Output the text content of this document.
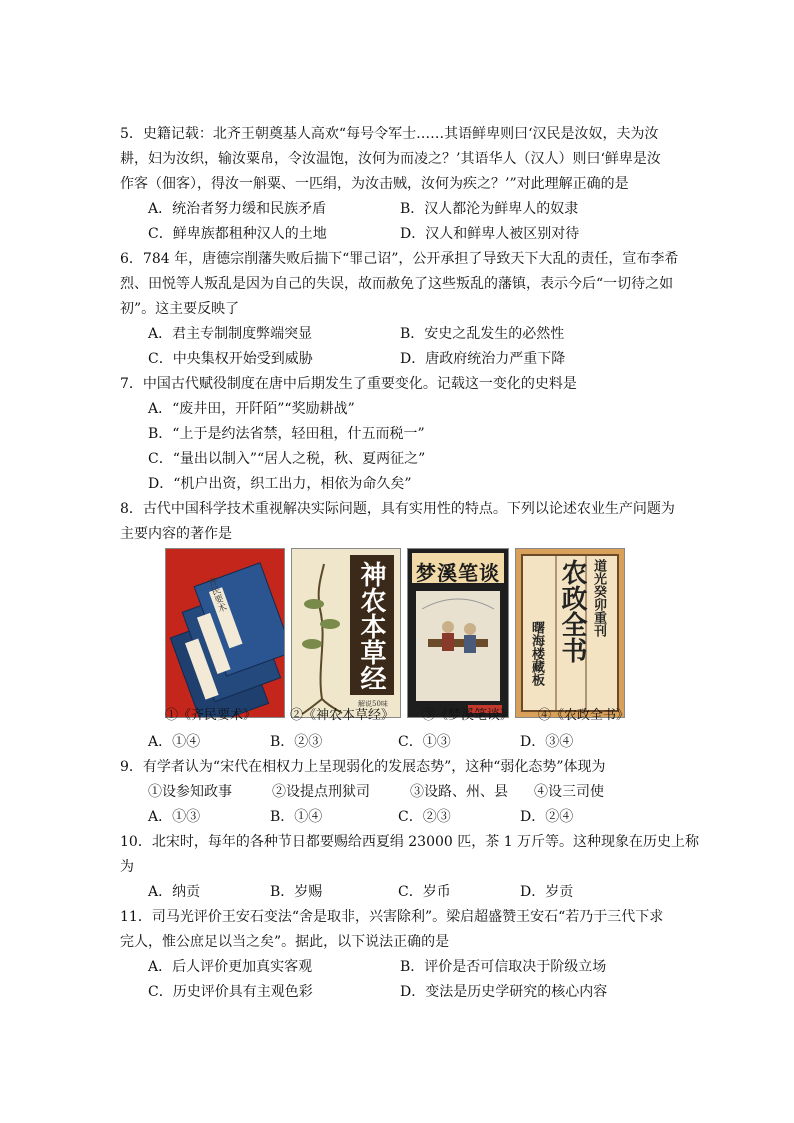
5．史籍记载：北齐王朝奠基人高欢“每号令军士……其语鲜卑则曰‘汉民是汝奴，夫为汝
耕，妇为汝织，输汝粟帛，令汝温饱，汝何为而凌之？’其语华人（汉人）则曰‘鲜卑是汝
作客（佃客），得汝一斛粟、一匹绢，为汝击贼，汝何为疾之？’”对此理解正确的是
A．统治者努力缓和民族矛盾	B．汉人都沦为鲜卑人的奴隶
C．鲜卑族都租种汉人的土地	D．汉人和鲜卑人被区别对待
6．784 年，唐德宗削藩失败后揣下“罪己诏”，公开承担了导致天下大乱的责任，宣布李希
烈、田悦等人叛乱是因为自己的失误，故而赦免了这些叛乱的藩镇，表示今后“一切待之如
初”。这主要反映了
A．君主专制制度弊端突显	B．安史之乱发生的必然性
C．中央集权开始受到威胁	D．唐政府统治力严重下降
7．中国古代赋役制度在唐中后期发生了重要变化。记载这一变化的史料是
A．“废井田，开阡陌”“奖励耕战”
B．“上于是约法省禁，轻田租，什五而税一”
C．“量出以制入”“居人之税，秋、夏两征之”
D．“机户出资，织工出力，相依为命久矣”
8．古代中国科学技术重视解决实际问题，具有实用性的特点。下列以论述农业生产问题为
主要内容的著作是
齐民要术	神农本草经
解说50味
梦溪笔谈 农政全书 道光癸卯重刊
曙海楼藏板
①《齐民要术》	②《神农本草经》 ③《梦溪笔谈》 ④《农政全书》
A．①④	B．②③	C．①③	D．③④
9．有学者认为“宋代在相权力上呈现弱化的发展态势”，这种“弱化态势”体现为
①设参知政事	②设提点刑狱司	③设路、州、县 ④设三司使
A．①③	B．①④	C．②③	D．②④
10．北宋时，每年的各种节日都要赐给西夏绢 23000 匹，茶 1 万斤等。这种现象在历史上称
为
A．纳贡	B．岁赐	C．岁币	D．岁贡
11．司马光评价王安石变法“舍是取非，兴害除利”。梁启超盛赞王安石“若乃于三代下求
完人，惟公庶足以当之矣”。据此，以下说法正确的是
A．后人评价更加真实客观	B．评价是否可信取决于阶级立场
C．历史评价具有主观色彩	D．变法是历史学研究的核心内容
